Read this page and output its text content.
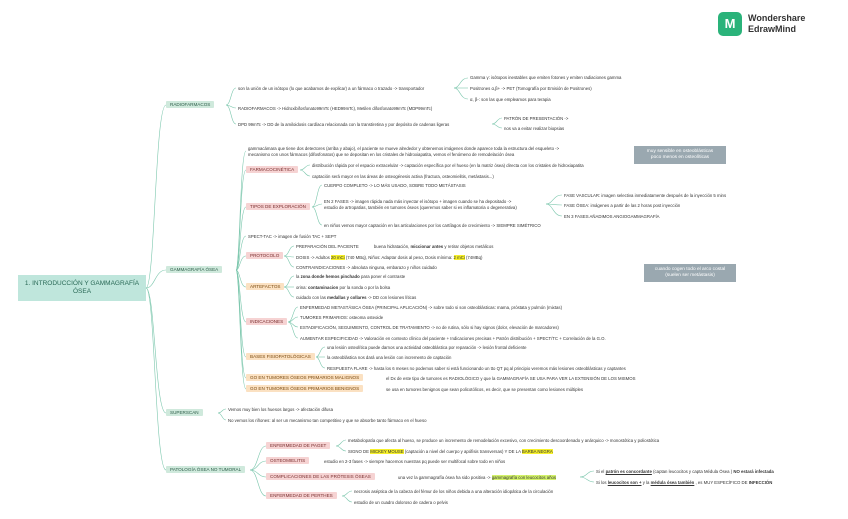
M	Wondershare
EdrawMind
1. INTRODUCCIÓN Y GAMMAGRAFÍA ÓSEA
RADIOFARMACOS
son la unión de un isótopo (lo que acabamos de explicar) a un fármaco o trazado -> transportador
Gamma γ: isótopos inestables que emiten fotones y emiten radiaciones gamma
Positrones α,β+ -> PET (Tomografía por Emisión de Positrones)
α, β-: son las que empleamos para terapia
RADIOFARMACOS -> Hidroxibifosfonato99mTc (HED99mTc), Metilen difosfonato99mTc (MDP99mTc)
DPD 99mTc -> DD de la amiloidosis cardíaca relacionada con la transtiretina y por depósito de cadenas ligeras
PATRÓN DE PRESENTACIÓN ->
nos va a evitar realizar biopsias
muy sensible en osteoblásticas
poco menos en osteolíticas
cuando cogen todo el arco costal
(suelen ser metástasis)
GAMMAGRAFÍA ÓSEA
gammacámara que tiene dos detectores (arriba y abajo), el paciente se mueve alrededor y obtenemos imágenes donde aparece toda la estructura del esqueleto ->
mecanismo con unos fármacos (difosfonatos) que se depositan en los cristales de hidroxiapatita, vemos el fenómeno de remodelación ósea
FARMACOCINÉTICA
distribución rápida por el espacio extracelular -> captación específica por el hueso (en la matriz ósea) directa con los cristales de hidroxiapatita
captación será mayor en las áreas de osteogénesis activa (fractura, osteomielitis, metástasis...)
TIPOS DE EXPLORACIÓN
CUERPO COMPLETO -> LO MÁS USADO, SOBRE TODO METÁSTASIS
EN 2 FASES -> imagen rápida nada más inyectar el isótopo + imagen cuando se ha depositado ->
estudio de artropatías, también en tumores óseos (queremos saber si es inflamatoria o degenerativa)
FASE VASCULAR: imagen selectiva inmediatamente después de la inyección 5 mins
FASE ÓSEA: imágenes a partir de las 2 horas post inyección
EN 3 FASES AÑADIMOS ANGIOGAMMAGRAFÍA
en niños vemos mayor captación en las articulaciones por los cartílagos de crecimiento -> SIEMPRE SIMÉTRICO
SPECT-TAC -> imagen de fusión TAC + SEPT
PROTOCOLO
PREPARACIÓN DEL PACIENTE	buena hidratación, miccionar antes y retirar objetos metálicos
DOSIS -> Adultos 20 mCi (740 MBq), Niños: Adaptar dosis al peso, Dosis mínima: 2 mCi (74MBq)
CONTRAINDICACIONES -> absoluta ninguna, embarazo y niños cuidado
ARTEFACTOS
la zona donde hemos pinchado para poner el contraste
orina: contaminacion por la sonda o por la bolsa
cuidado con las medallas y collares -> DD con lesiones líticas
INDICACIONES
ENFERMEDAD METASTÁSICA ÓSEA (PRINCIPAL APLICACIÓN) -> sobre todo si son osteoblásticas: mama, próstata y pulmón (mixtas)
TUMORES PRIMARIOS: osteoma osteoide
ESTADIFICACIÓN, SEGUIMIENTO, CONTROL DE TRATAMIENTO -> no de rutina, sólo si hay signos (dolor, elevación de marcadores)
AUMENTAR ESPECIFICIDAD -> Valoración en contexto clínico del paciente + Indicaciones precisas + Patrón distribución + SPECT/TC + Correlación de la G.O.
BASES FISIOPATOLÓGICAS
una lesión osteolítica puede darnos una actividad osteoblástica por reparación -> lesión frontal deficiente
la osteoblástica nos dará una lesión con incremento de captación
RESPUESTA FLARE -> hasta los 6 meses no podemos saber si está funcionando un tto QT pq al principio veremos más lesiones osteoblásticas y captantes
GO EN TUMORES ÓSEOS PRIMARIOS MALIGNOS	el Dx de este tipo de tumores es RADIOLÓGICO y que la GAMMAGRAFÍA SE USA PARA VER LA EXTENSIÓN DE LOS MISMOS
GO EN TUMORES ÓSEOS PRIMARIOS BENIGNOS	se usa en tumores benignos que sean policotólicos, es decir, que se presentan como lesiones múltiples
SUPERSCAN
Vemos muy bien los huesos largos -> afectación difusa
No vemos los riñones: al ser un mecanismo tan competitivo y que se absorbe tanto fármaco en el hueso
PATOLOGÍA ÓSEA NO TUMORAL
ENFERMEDAD DE PAGET
metabolopatía que afecta al hueso, se produce un incremento de remodelación excesivo, con crecimiento descoordenado y anárquico -> monostótica y poliostótica
SIGNO DE MICKEY MOUSE (captación a nivel del cuerpo y apófisis transversas) Y DE LA BARBA NEGRA
OSTEOMIELITIS	estudio en 2-3 fases -> siempre hacemos nuestras pq puede ser multifocal sobre todo en niños
COMPLICACIONES DE LAS PRÓTESIS ÓSEAS	una vez la gammagrafía ósea ha sido positiva -> gammagrafía con leucocitos años
Si el patrón es concordante (captan leucocitos y capta Médula Ósea ) NO estará infectada
Si los leucocitos son + y la médula ósea también , es MUY ESPECÍFICO DE INFECCIÓN
ENFERMEDAD DE PERTHES
necrosis aséptica de la cabeza del fémur de los niños debida a una alteración idiopática de la circulación
estudio de un cuadro doloroso de cadera o pelvis
